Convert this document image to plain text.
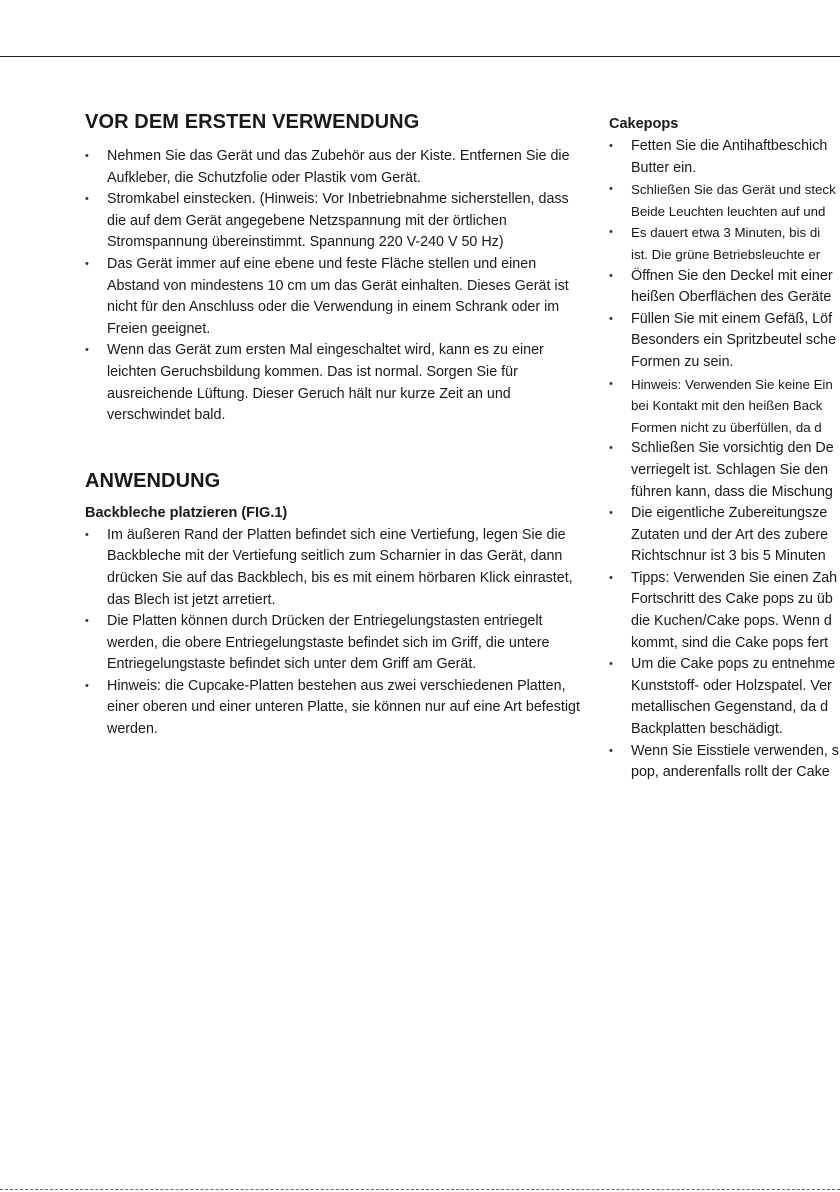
VOR DEM ERSTEN VERWENDUNG
• Nehmen Sie das Gerät und das Zubehör aus der Kiste. Entfernen Sie die Aufkleber, die Schutzfolie oder Plastik vom Gerät.
• Stromkabel einstecken. (Hinweis: Vor Inbetriebnahme sicherstellen, dass die auf dem Gerät angegebene Netzspannung mit der örtlichen Stromspannung übereinstimmt. Spannung 220 V-240 V 50 Hz)
• Das Gerät immer auf eine ebene und feste Fläche stellen und einen Abstand von mindestens 10 cm um das Gerät einhalten. Dieses Gerät ist nicht für den Anschluss oder die Verwendung in einem Schrank oder im Freien geeignet.
• Wenn das Gerät zum ersten Mal eingeschaltet wird, kann es zu einer leichten Geruchsbildung kommen. Das ist normal. Sorgen Sie für ausreichende Lüftung. Dieser Geruch hält nur kurze Zeit an und verschwindet bald.
ANWENDUNG
Backbleche platzieren (FIG.1)
• Im äußeren Rand der Platten befindet sich eine Vertiefung, legen Sie die Backbleche mit der Vertiefung seitlich zum Scharnier in das Gerät, dann drücken Sie auf das Backblech, bis es mit einem hörbaren Klick einrastet, das Blech ist jetzt arretiert.
• Die Platten können durch Drücken der Entriegelungstasten entriegelt werden, die obere Entriegelungstaste befindet sich im Griff, die untere Entriegelungstaste befindet sich unter dem Griff am Gerät.
• Hinweis: die Cupcake-Platten bestehen aus zwei verschiedenen Platten, einer oberen und einer unteren Platte, sie können nur auf eine Art befestigt werden.
Cakepops
• Fetten Sie die Antihaftbeschich
Butter ein.
• Schließen Sie das Gerät und steck
Beide Leuchten leuchten auf und
• Es dauert etwa 3 Minuten, bis di
ist. Die grüne Betriebsleuchte er
• Öffnen Sie den Deckel mit einer
heißen Oberflächen des Geräte
• Füllen Sie mit einem Gefäß, Löf
Besonders ein Spritzbeutel sche
Formen zu sein.
• Hinweis: Verwenden Sie keine Ein
bei Kontakt mit den heißen Back
Formen nicht zu überfüllen, da d
• Schließen Sie vorsichtig den De
verriegelt ist. Schlagen Sie den
führen kann, dass die Mischung
• Die eigentliche Zubereitungsze
Zutaten und der Art des zubere
Richtschnur ist 3 bis 5 Minuten
• Tipps: Verwenden Sie einen Zah
Fortschritt des Cake pops zu üb
die Kuchen/Cake pops. Wenn d
kommt, sind die Cake pops fert
• Um die Cake pops zu entnehme
Kunststoff- oder Holzspatel. Ver
metallischen Gegenstand, da d
Backplatten beschädigt.
• Wenn Sie Eisstiele verwenden, s
pop, anderenfalls rollt der Cake
